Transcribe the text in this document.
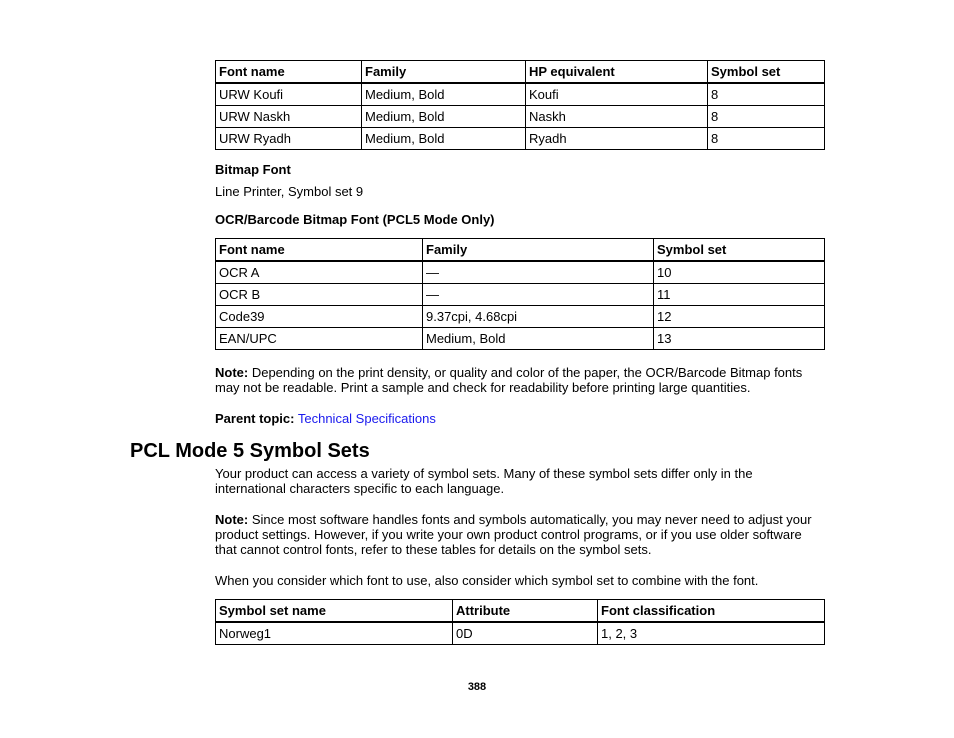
Font name	Family	HP equivalent	Symbol set
URW Koufi	Medium, Bold	Koufi	8
URW Naskh	Medium, Bold	Naskh	8
URW Ryadh	Medium, Bold	Ryadh	8
Bitmap Font
Line Printer, Symbol set 9
OCR/Barcode Bitmap Font (PCL5 Mode Only)
Font name	Family	Symbol set
OCR A	—	10
OCR B	—	11
Code39	9.37cpi, 4.68cpi	12
EAN/UPC	Medium, Bold	13
Note: Depending on the print density, or quality and color of the paper, the OCR/Barcode Bitmap fonts
may not be readable. Print a sample and check for readability before printing large quantities.
Parent topic: Technical Specifications
PCL Mode 5 Symbol Sets
Your product can access a variety of symbol sets. Many of these symbol sets differ only in the
international characters specific to each language.
Note: Since most software handles fonts and symbols automatically, you may never need to adjust your
product settings. However, if you write your own product control programs, or if you use older software
that cannot control fonts, refer to these tables for details on the symbol sets.
When you consider which font to use, also consider which symbol set to combine with the font.
Symbol set name	Attribute	Font classification
Norweg1	0D	1, 2, 3
388
